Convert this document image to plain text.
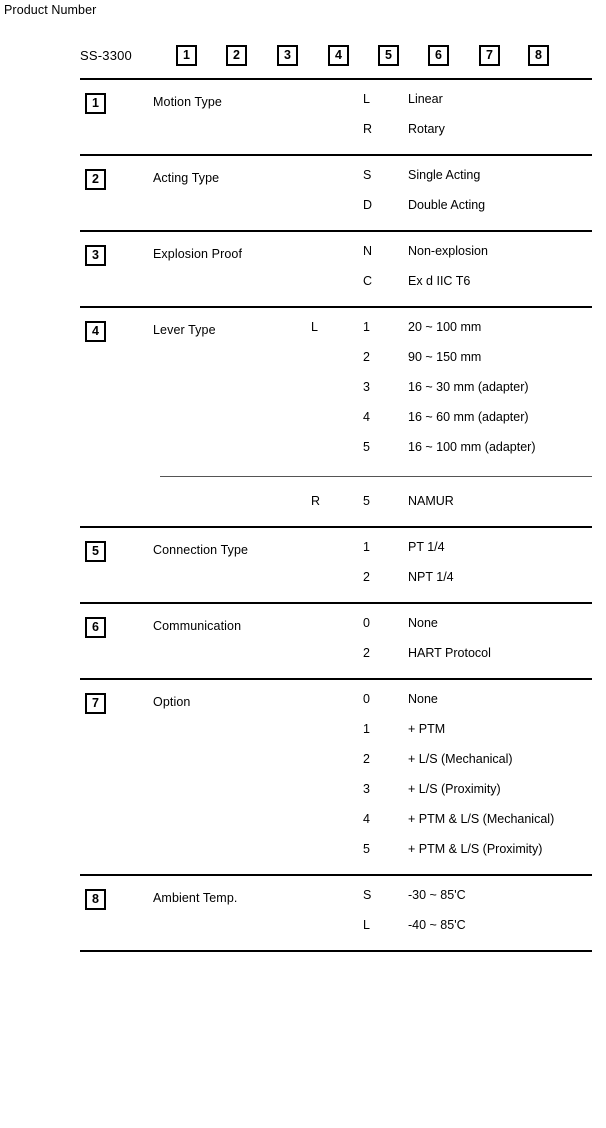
Product Number
SS-3300	1	2	3	4	5	6	7	8
1	Motion Type	L	Linear
R	Rotary
2	Acting Type	S	Single Acting
D	Double Acting
3	Explosion Proof	N	Non-explosion
C	Ex d IIC T6
4	Lever Type	L	1	20 ~ 100 mm
2	90 ~ 150 mm
3	16 ~ 30 mm (adapter)
4	16 ~ 60 mm (adapter)
5	16 ~ 100 mm (adapter)
R	5	NAMUR
5	Connection Type	1	PT 1/4
2	NPT 1/4
6	Communication	0	None
2	HART Protocol
7	Option	0	None
1	+ PTM
2	+ L/S (Mechanical)
3	+ L/S (Proximity)
4	+ PTM & L/S (Mechanical)
5	+ PTM & L/S (Proximity)
8	Ambient Temp.	S	-30 ~ 85'C
L	-40 ~ 85'C
